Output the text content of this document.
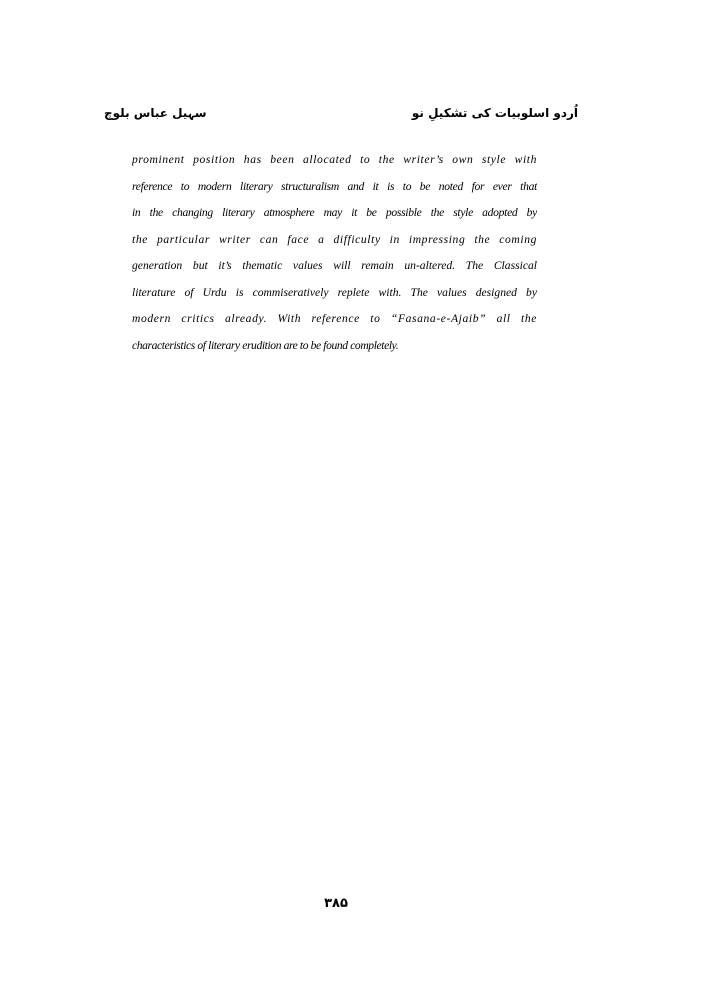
اُردو اسلوبیات کی تشکیلِ نو
سہیل عباس بلوچ
prominent position has been allocated to the writer’s own style with
reference to modern literary structuralism and it is to be noted for ever that
in the changing literary atmosphere may it be possible the style adopted by
the particular writer can face a difficulty in impressing the coming
generation but it’s thematic values will remain un-altered. The Classical
literature of Urdu is commiseratively replete with. The values designed by
modern critics already. With reference to “Fasana-e-Ajaib” all the
characteristics of literary erudition are to be found completely.
۳۸۵
